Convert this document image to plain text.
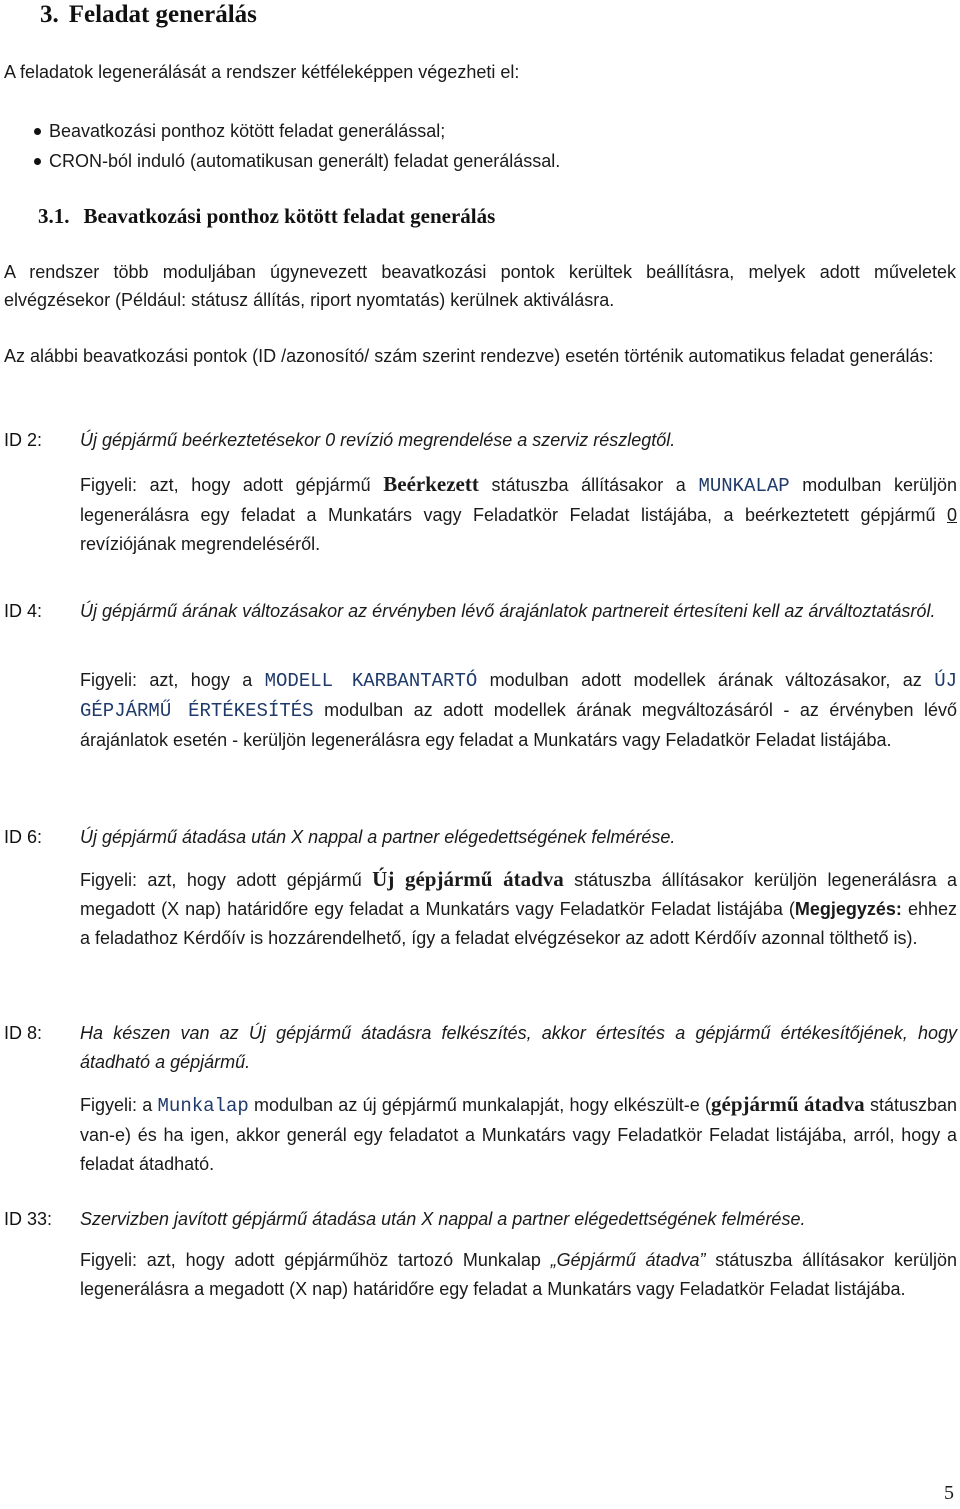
3. Feladat generálás
A feladatok legenerálását a rendszer kétféleképpen végezheti el:
Beavatkozási ponthoz kötött feladat generálással;
CRON-ból induló (automatikusan generált) feladat generálással.
3.1. Beavatkozási ponthoz kötött feladat generálás
A rendszer több moduljában úgynevezett beavatkozási pontok kerültek beállításra, melyek adott műveletek elvégzésekor (Például: státusz állítás, riport nyomtatás) kerülnek aktiválásra.
Az alábbi beavatkozási pontok (ID /azonosító/ szám szerint rendezve) esetén történik automatikus feladat generálás:
ID 2: Új gépjármű beérkeztetésekor 0 revízió megrendelése a szerviz részlegtől.
Figyeli: azt, hogy adott gépjármű Beérkezett státuszba állításakor a MUNKALAP modulban kerüljön legenerálásra egy feladat a Munkatárs vagy Feladatkör Feladat listájába, a beérkeztetett gépjármű 0 revíziójának megrendeléséről.
ID 4: Új gépjármű árának változásakor az érvényben lévő árajánlatok partnereit értesíteni kell az árváltoztatásról.
Figyeli: azt, hogy a MODELL KARBANTARTÓ modulban adott modellek árának változásakor, az ÚJ GÉPJÁRMŰ ÉRTÉKESÍTÉS modulban az adott modellek árának megváltozásáról - az érvényben lévő árajánlatok esetén - kerüljön legenerálásra egy feladat a Munkatárs vagy Feladatkör Feladat listájába.
ID 6: Új gépjármű átadása után X nappal a partner elégedettségének felmérése.
Figyeli: azt, hogy adott gépjármű Új gépjármű átadva státuszba állításakor kerüljön legenerálásra a megadott (X nap) határidőre egy feladat a Munkatárs vagy Feladatkör Feladat listájába (Megjegyzés: ehhez a feladathoz Kérdőív is hozzárendelhető, így a feladat elvégzésekor az adott Kérdőív azonnal tölthető is).
ID 8: Ha készen van az Új gépjármű átadásra felkészítés, akkor értesítés a gépjármű értékesítőjének, hogy átadható a gépjármű.
Figyeli: a Munkalap modulban az új gépjármű munkalapját, hogy elkészült-e (gépjármű átadva státuszban van-e) és ha igen, akkor generál egy feladatot a Munkatárs vagy Feladatkör Feladat listájába, arról, hogy a feladat átadható.
ID 33: Szervizben javított gépjármű átadása után X nappal a partner elégedettségének felmérése.
Figyeli: azt, hogy adott gépjárműhöz tartozó Munkalap „Gépjármű átadva” státuszba állításakor kerüljön legenerálásra a megadott (X nap) határidőre egy feladat a Munkatárs vagy Feladatkör Feladat listájába.
5
